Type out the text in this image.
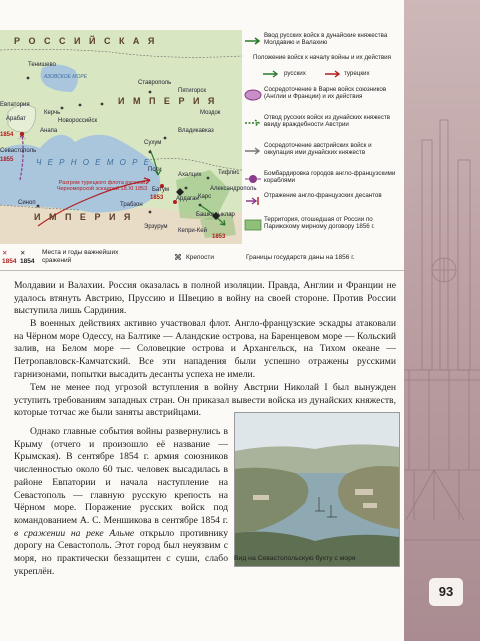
Р О С С И Й С К А Я
И М П Е Р И Я
Ч Е Р Н О Е М О Р Е
И М П Е Р И Я
АЗОВСКОЕ МОРЕ
Разгром турецкого флота русской Черноморской эскадрой 18.XI 1853
Тенишево
Керчь
Евпатория
Арабат
Севастополь
Новороссийск
Анапа
Ставрополь
Пятигорск
Моздок
Владикавказ
Сухум
Поти
Ахалцих	Тифлис
Батум
Ардаган
Трабзон
Карс
Александрополь
Башкадыклар
Эрзурум
Кепри-Кей
Синоп
1854
1855
1853
1853
Ввод русских войск в дунайские княжества Молдавию и Валахию
Положение войск к началу войны и их действия
русских	турецких
Сосредоточение в Варне войск союзников (Англии и Франции) и их действия
Отвод русских войск из дунайских княжеств ввиду враждебности Австрии
Сосредоточение австрийских войск и оккупация ими дунайских княжеств
Бомбардировка городов англо-французскими кораблями
Отражение англо-французских десантов
Территория, отошедшая от России по Парижскому мирному договору 1856 г.
✕ ✕
1854 1854
Места и годы важнейших сражений	⌘ Крепости	Границы государств даны на 1856 г.

Молдавии и Валахии. Россия оказалась в полной изоляции. Правда, Англии и Франции не удалось втянуть Австрию, Пруссию и Швецию в войну на своей стороне. Против России выступила лишь Сардиния.

В военных действиях активно участвовал флот. Англо-французские эскадры атаковали на Чёрном море Одессу, на Балтике — Аландские острова, на Баренцевом море — Кольский залив, на Белом море — Соловецкие острова и Архангельск, на Тихом океане — Петропавловск-Камчатский. Все эти нападения были успешно отражены русскими гарнизонами, попытки высадить десанты успеха не имели.

Тем не менее под угрозой вступления в войну Австрии Николай I был вынужден уступить требованиям западных стран. Он приказал вывести войска из дунайских княжеств, которые тотчас же были заняты австрийцами.

Однако главные события войны развернулись в Крыму (отчего и произошло её название — Крымская). В сентябре 1854 г. армия союзников численностью около 60 тыс. человек высадилась в районе Евпатории и начала наступление на Севастополь — главную русскую крепость на Чёрном море. Поражение русских войск под командованием А. С. Меншикова в сентябре 1854 г. в сражении на реке Альме открыло противнику дорогу на Севастополь. Этот город был неуязвим с моря, но практически беззащитен с суши, слабо укреплён.

Вид на Севастопольскую бухту с моря
93
